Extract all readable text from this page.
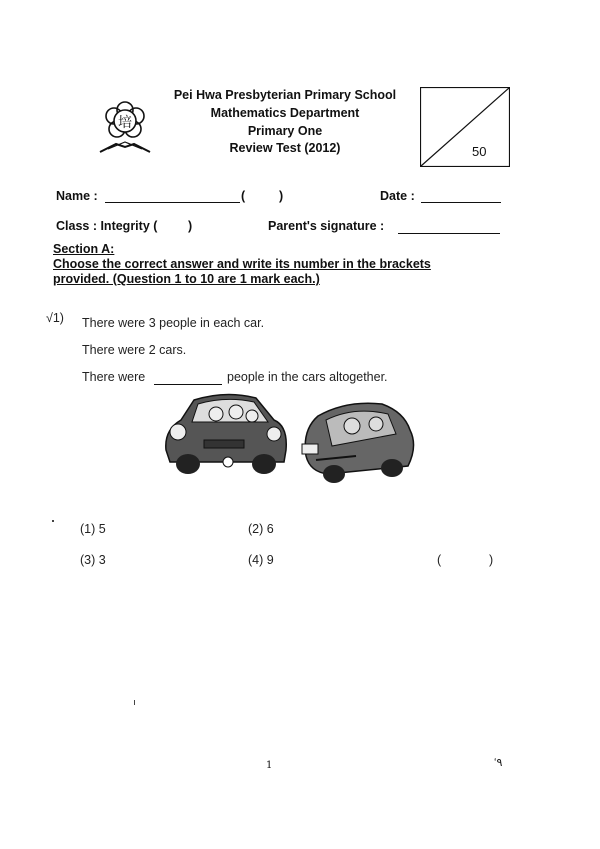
培
Pei Hwa Presbyterian Primary School
Mathematics Department
Primary One
Review Test (2012)	50
Name :	(	)	Date :
Class : Integrity ( )	Parent's signature :
Section A:
Choose the correct answer and write its number in the brackets
provided. (Question 1 to 10 are 1 mark each.)
√1) There were 3 people in each car.
There were 2 cars.
There were	people in the cars altogether.
(1) 5	(2) 6
(3) 3	(4) 9	(	)
1	ʻ٩
